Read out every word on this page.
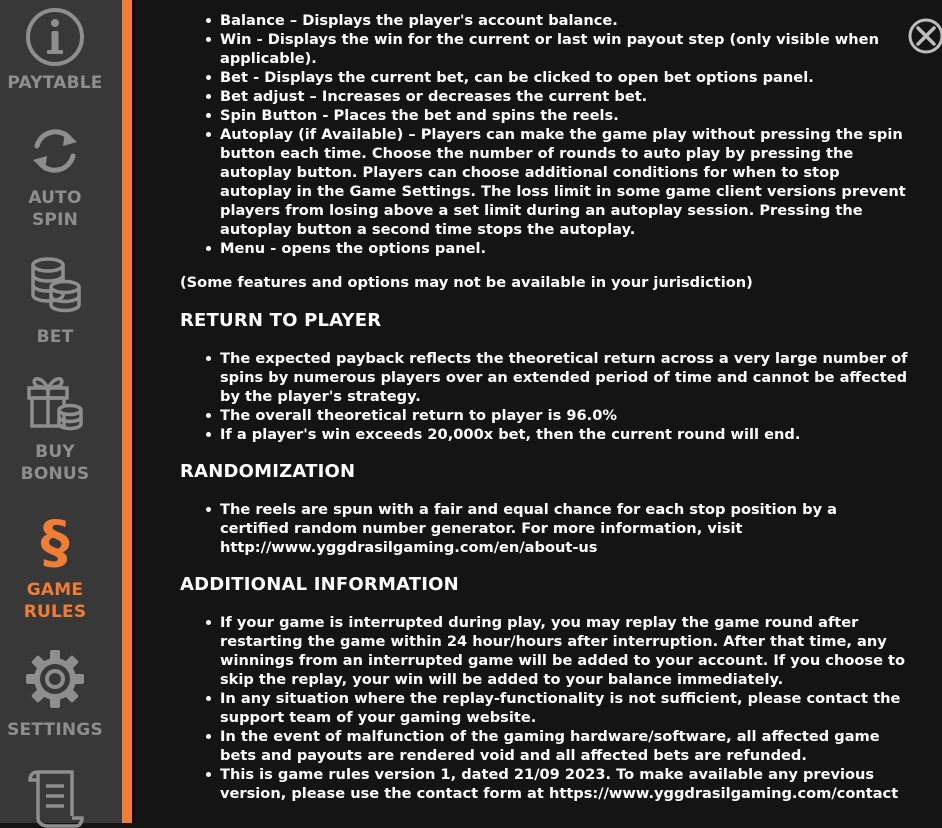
PAYTABLE
AUTO
SPIN
BET
BUY
BONUS
§
GAME
RULES
SETTINGS
Balance – Displays the player's account balance.
Win - Displays the win for the current or last win payout step (only visible when applicable).
Bet - Displays the current bet, can be clicked to open bet options panel.
Bet adjust – Increases or decreases the current bet.
Spin Button - Places the bet and spins the reels.
Autoplay (if Available) – Players can make the game play without pressing the spin button each time. Choose the number of rounds to auto play by pressing the autoplay button. Players can choose additional conditions for when to stop autoplay in the Game Settings. The loss limit in some game client versions prevent players from losing above a set limit during an autoplay session. Pressing the autoplay button a second time stops the autoplay.
Menu - opens the options panel.
(Some features and options may not be available in your jurisdiction)
RETURN TO PLAYER
The expected payback reflects the theoretical return across a very large number of spins by numerous players over an extended period of time and cannot be affected by the player's strategy.
The overall theoretical return to player is 96.0%
If a player's win exceeds 20,000x bet, then the current round will end.
RANDOMIZATION
The reels are spun with a fair and equal chance for each stop position by a certified random number generator. For more information, visit http://www.yggdrasilgaming.com/en/about-us
ADDITIONAL INFORMATION
If your game is interrupted during play, you may replay the game round after restarting the game within 24 hour/hours after interruption. After that time, any winnings from an interrupted game will be added to your account. If you choose to skip the replay, your win will be added to your balance immediately.
In any situation where the replay-functionality is not sufficient, please contact the support team of your gaming website.
In the event of malfunction of the gaming hardware/software, all affected game bets and payouts are rendered void and all affected bets are refunded.
This is game rules version 1, dated 21/09 2023. To make available any previous version, please use the contact form at https://www.yggdrasilgaming.com/contact
